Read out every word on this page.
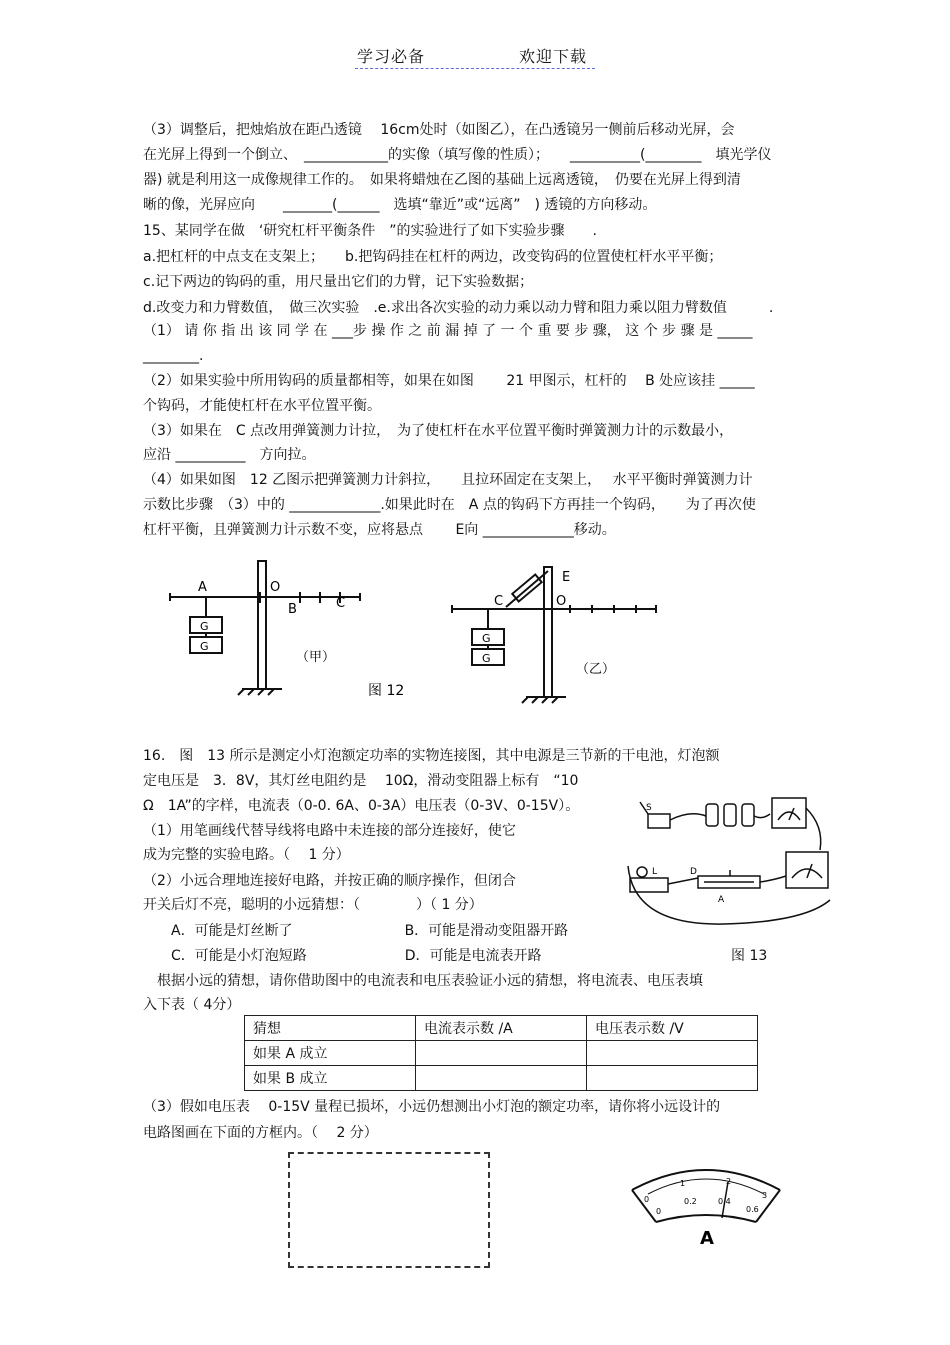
学习必备	欢迎下载
（3）调整后，把烛焰放在距凸透镜　 16cm处时（如图乙），在凸透镜另一侧前后移动光屏，会
在光屏上得到一个倒立、　____________的实像（填写像的性质）；　　__________(________　填光学仪
器) 就是利用这一成像规律工作的。　如果将蜡烛在乙图的基础上远离透镜，　仍要在光屏上得到清
晰的像，光屏应向　　_______(______　选填“靠近”或“远离”　) 透镜的方向移动。
15、某同学在做　‘研究杠杆平衡条件　”的实验进行了如下实验步骤　　.
a.把杠杆的中点支在支架上；　　b.把钩码挂在杠杆的两边，改变钩码的位置使杠杆水平平衡；
c.记下两边的钩码的重，用尺量出它们的力臂，记下实验数据；
d.改变力和力臂数值，　做三次实验　.e.求出各次实验的动力乘以动力臂和阻力乘以阻力臂数值　　　.
（1） 请 你 指 出 该 同 学 在 ___步 操 作 之 前 漏 掉 了 一 个 重 要 步 骤， 这 个 步 骤 是 _____
________.
（2）如果实验中所用钩码的质量都相等，如果在如图　　 21 甲图示，杠杆的　 B 处应该挂 _____
个钩码，才能使杠杆在水平位置平衡。
（3）如果在　C 点改用弹簧测力计拉，　为了使杠杆在水平位置平衡时弹簧测力计的示数最小，
应沿 __________　方向拉。
（4）如果如图　12 乙图示把弹簧测力计斜拉，　　且拉环固定在支架上，　 水平平衡时弹簧测力计
示数比步骤　（3）中的 _____________.如果此时在　A 点的钩码下方再挂一个钩码，　　为了再次使
杠杆平衡，且弹簧测力计示数不变，应将悬点　　 E向 _____________移动。
A	O
B	C
G
G
（甲）
图 12
E
C	O
G
G
（乙）
16.　图　13 所示是测定小灯泡额定功率的实物连接图，其中电源是三节新的干电池，灯泡额
定电压是　3．8V，其灯丝电阻约是　 10Ω，滑动变阻器上标有　“10
Ω　1A”的字样，电流表（0-0. 6A、0-3A）电压表（0-3V、0-15V）。
（1）用笔画线代替导线将电路中未连接的部分连接好，使它
成为完整的实验电路。（　 1 分）
（2）小远合理地连接好电路，并按正确的顺序操作，但闭合
开关后灯不亮，聪明的小远猜想：（　　　　）（ 1 分）
　　A．可能是灯丝断了　　　　　　　　B．可能是滑动变阻器开路
　　C．可能是小灯泡短路　　　　　　　D．可能是电流表开路
　根据小远的猜想，请你借助图中的电流表和电压表验证小远的猜想，将电流表、电压表填
入下表（ 4分）
S
L	D
A
图 13
猜想	电流表示数 /A	电压表示数 /V
如果 A 成立		
如果 B 成立		
（3）假如电压表　 0-15V 量程已损坏，小远仍想测出小灯泡的额定功率，请你将小远设计的
电路图画在下面的方框内。（　 2 分）
0
1	2
3
0
0.2	0.4
0.6
A
